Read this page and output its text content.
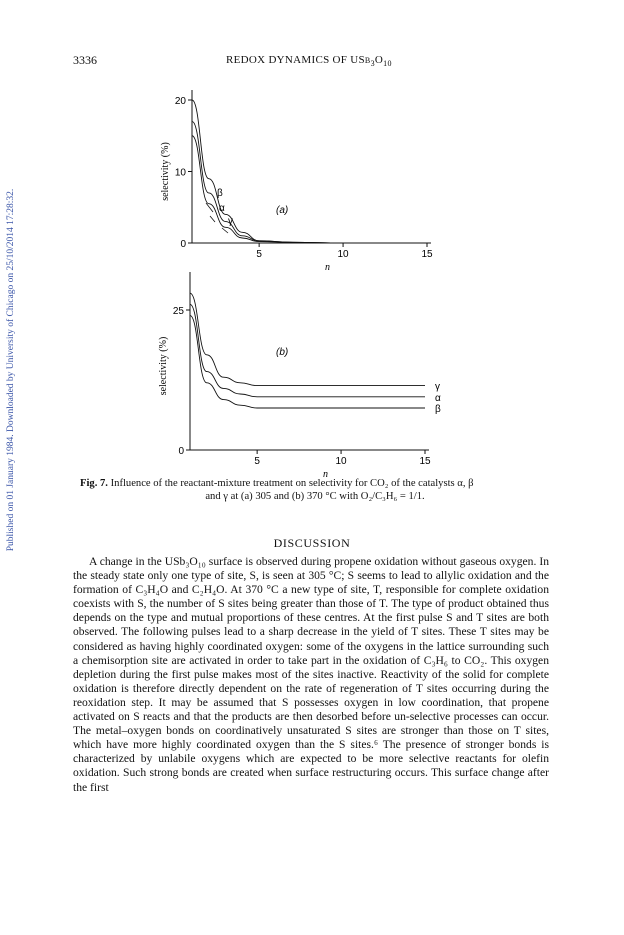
3336	REDOX DYNAMICS OF $USb_3O_{10}$
Published on 01 January 1984. Downloaded by University of Chicago on 25/10/2014 17:28:32.	0
10
20
5	10	15
selectivity (%)
n
(a)
β
α
γ
0
25
5	10	15
selectivity (%)
n
(b)
γ
α
β
Fig. 7. Influence of the reactant-mixture treatment on selectivity for CO₂ of the catalysts α, β
and γ at (a) 305 and (b) 370 °C with O₂/C₃H₆ = 1/1.
DISCUSSION

A change in the USb₃O₁₀ surface is observed during propene oxidation without gaseous oxygen. In the steady state only one type of site, S, is seen at 305 °C; S seems to lead to allylic oxidation and the formation of C₃H₄O and C₂H₄O. At 370 °C a new type of site, T, responsible for complete oxidation coexists with S, the number of S sites being greater than those of T. The type of product obtained thus depends on the type and mutual proportions of these centres. At the first pulse S and T sites are both observed. The following pulses lead to a sharp decrease in the yield of T sites. These T sites may be considered as having highly coordinated oxygen: some of the oxygens in the lattice surrounding such a chemisorption site are activated in order to take part in the oxidation of C₃H₆ to CO₂. This oxygen depletion during the first pulse makes most of the sites inactive. Reactivity of the solid for complete oxidation is therefore directly dependent on the rate of regeneration of T sites occurring during the reoxidation step. It may be assumed that S possesses oxygen in low coordination, that propene activated on S reacts and that the products are then desorbed before un-selective processes can occur. The metal–oxygen bonds on coordinatively unsaturated S sites are stronger than those on T sites, which have more highly coordinated oxygen than the S sites.⁶ The presence of stronger bonds is characterized by unlabile oxygens which are expected to be more selective reactants for olefin oxidation. Such strong bonds are created when surface restructuring occurs. This surface change after the first
